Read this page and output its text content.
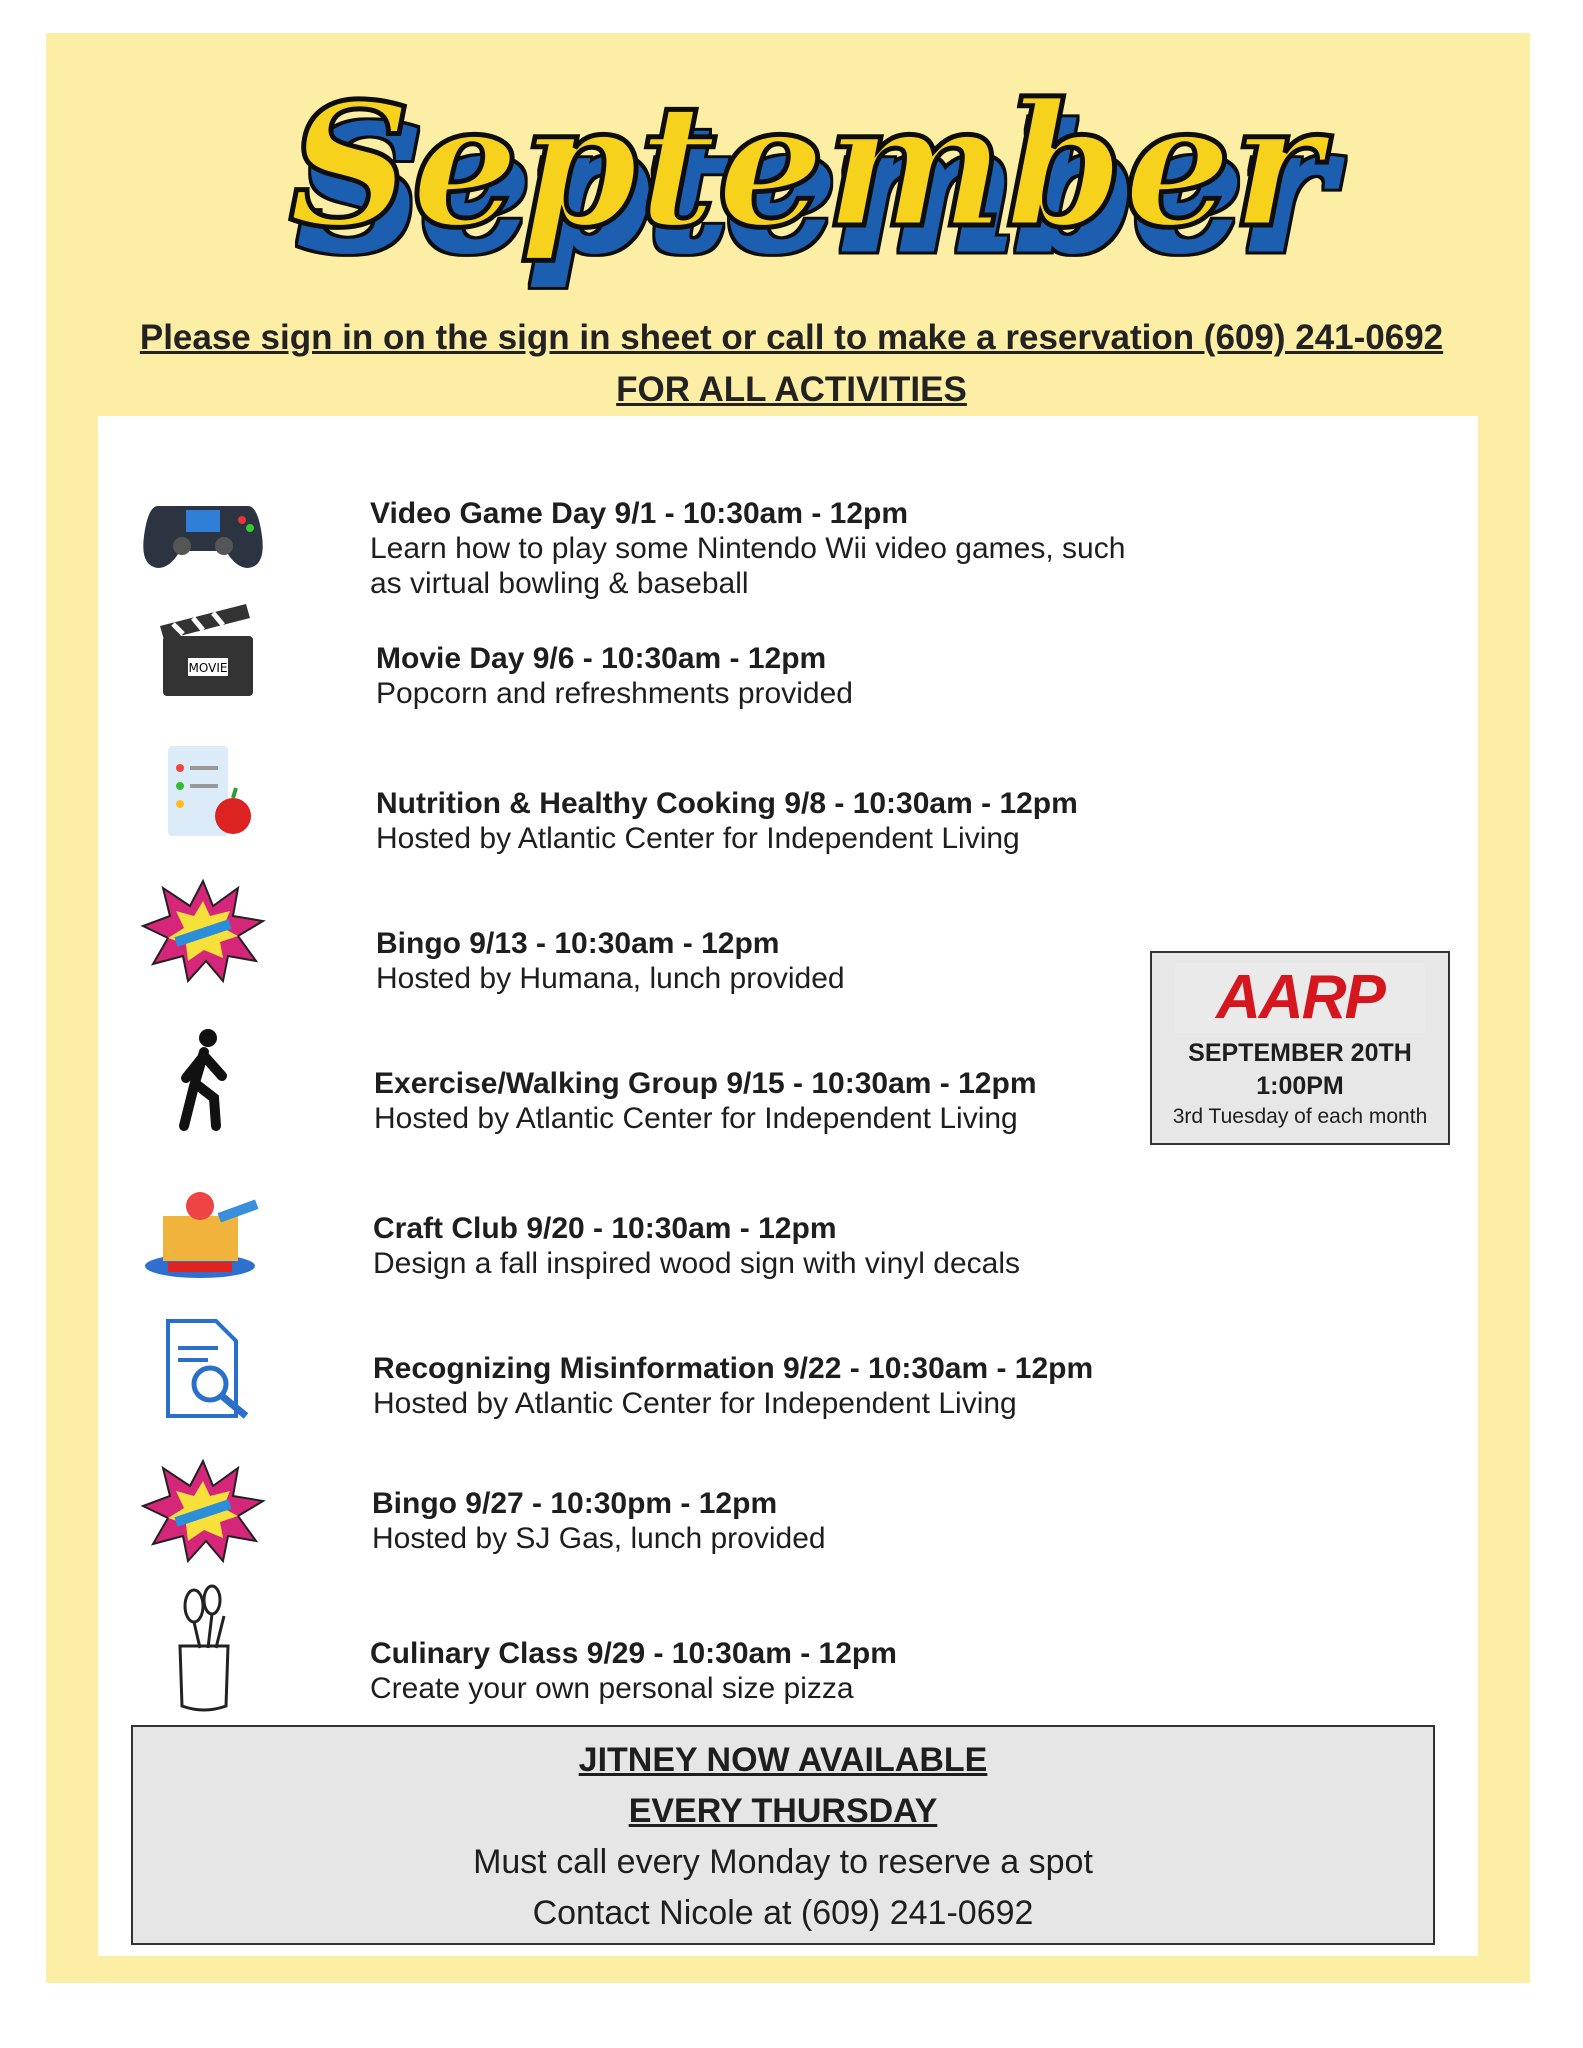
September
Please sign in on the sign in sheet or call to make a reservation (609) 241-0692
FOR ALL ACTIVITIES
Video Game Day 9/1 - 10:30am - 12pm
Learn how to play some Nintendo Wii video games, such
as virtual bowling & baseball
MOVIE	Movie Day 9/6 - 10:30am - 12pm
Popcorn and refreshments provided
Nutrition & Healthy Cooking 9/8 - 10:30am - 12pm
Hosted by Atlantic Center for Independent Living
Bingo 9/13 - 10:30am - 12pm
Hosted by Humana, lunch provided
Exercise/Walking Group 9/15 - 10:30am - 12pm
Hosted by Atlantic Center for Independent Living
Craft Club 9/20 - 10:30am - 12pm
Design a fall inspired wood sign with vinyl decals
Recognizing Misinformation 9/22 - 10:30am - 12pm
Hosted by Atlantic Center for Independent Living
Bingo 9/27 - 10:30pm - 12pm
Hosted by SJ Gas, lunch provided
Culinary Class 9/29 - 10:30am - 12pm
Create your own personal size pizza
AARP
SEPTEMBER 20TH
1:00PM
3rd Tuesday of each month
JITNEY NOW AVAILABLE
EVERY THURSDAY
Must call every Monday to reserve a spot
Contact Nicole at (609) 241-0692
